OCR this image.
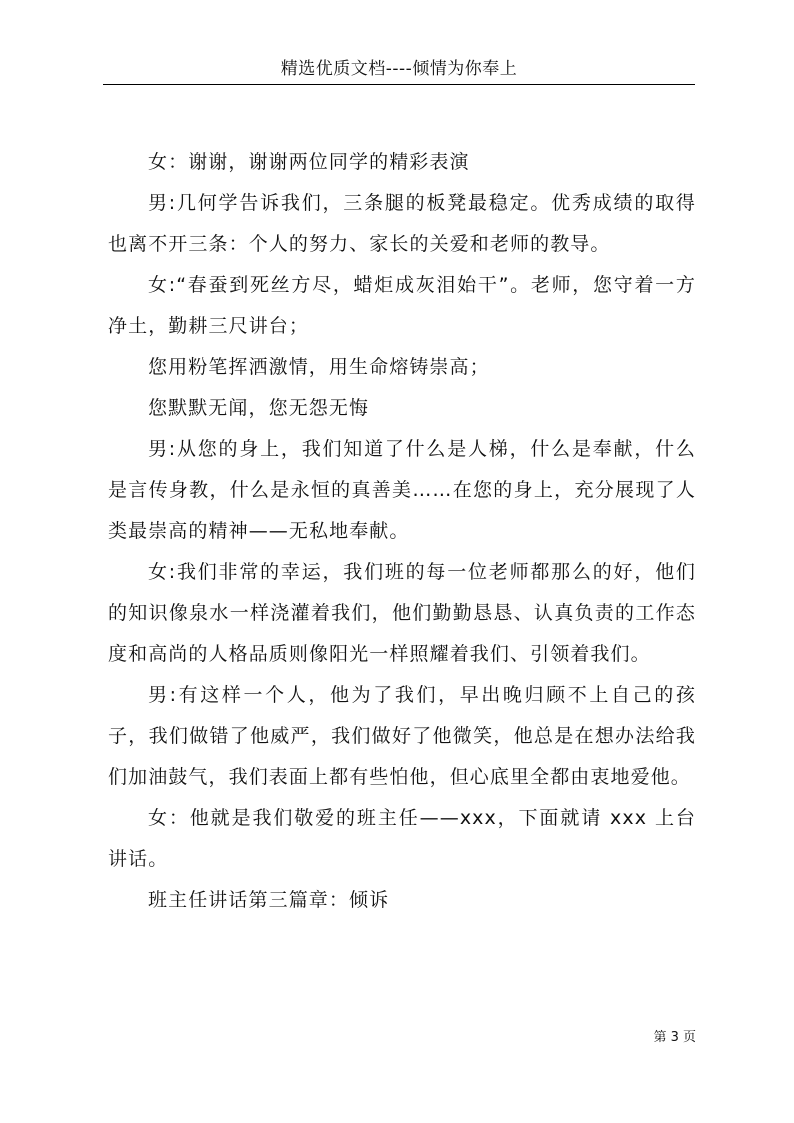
精选优质文档----倾情为你奉上

女：谢谢，谢谢两位同学的精彩表演

男:几何学告诉我们，三条腿的板凳最稳定。优秀成绩的取得也离不开三条：个人的努力、家长的关爱和老师的教导。

女:“春蚕到死丝方尽，蜡炬成灰泪始干”。老师，您守着一方净土，勤耕三尺讲台；

您用粉笔挥洒激情，用生命熔铸崇高；

您默默无闻，您无怨无悔

男:从您的身上，我们知道了什么是人梯，什么是奉献，什么是言传身教，什么是永恒的真善美……在您的身上，充分展现了人类最崇高的精神——无私地奉献。

女:我们非常的幸运，我们班的每一位老师都那么的好，他们的知识像泉水一样浇灌着我们，他们勤勤恳恳、认真负责的工作态度和高尚的人格品质则像阳光一样照耀着我们、引领着我们。

男:有这样一个人，他为了我们，早出晚归顾不上自己的孩子，我们做错了他威严，我们做好了他微笑，他总是在想办法给我们加油鼓气，我们表面上都有些怕他，但心底里全都由衷地爱他。

女：他就是我们敬爱的班主任——xxx，下面就请 xxx 上台讲话。

班主任讲话第三篇章：倾诉

第 3 页
